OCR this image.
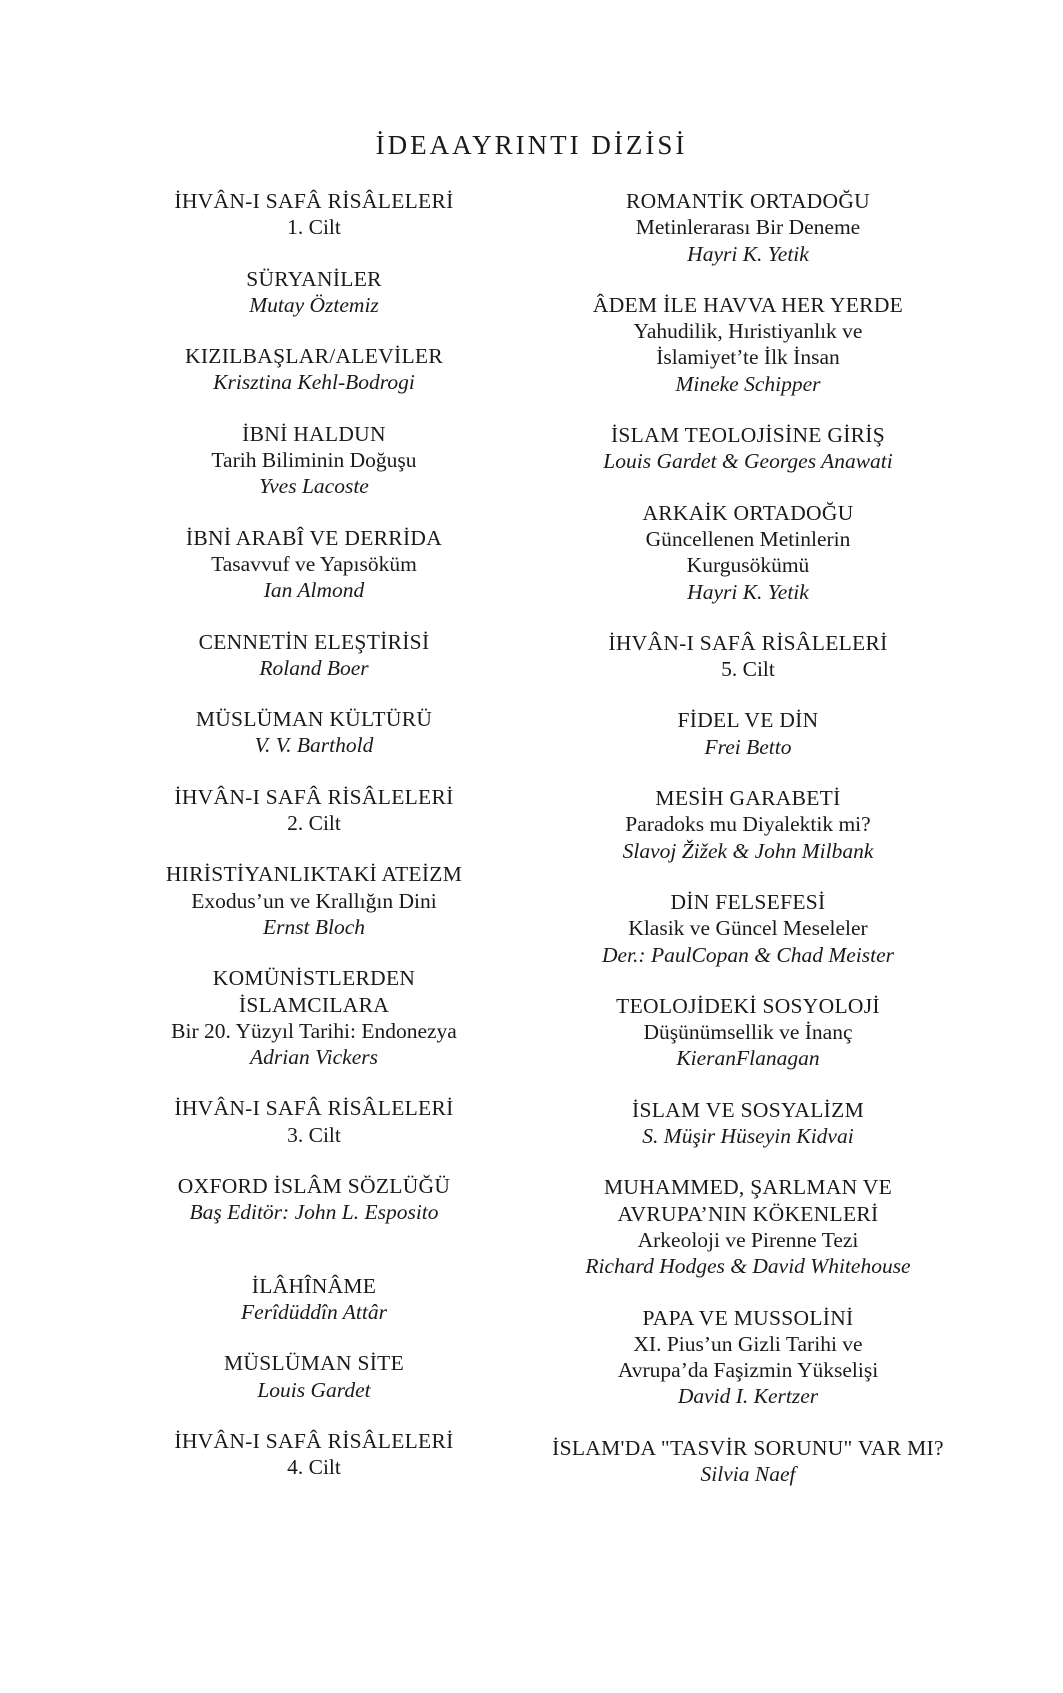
İDEAAYRINTI DİZİSİ
İHVÂN-I SAFÂ RİSÂLELERİ
1. Cilt
SÜRYANİLER
Mutay Öztemiz
KIZILBAŞLAR/ALEVİLER
Krisztina Kehl-Bodrogi
İBNİ HALDUN
Tarih Biliminin Doğuşu
Yves Lacoste
İBNİ ARABÎ VE DERRİDA
Tasavvuf ve Yapısöküm
Ian Almond
CENNETİN ELEŞTİRİSİ
Roland Boer
MÜSLÜMAN KÜLTÜRÜ
V. V. Barthold
İHVÂN-I SAFÂ RİSÂLELERİ
2. Cilt
HIRİSTİYANLIKTAKİ ATEİZM
Exodus’un ve Krallığın Dini
Ernst Bloch
KOMÜNİSTLERDEN
İSLAMCILARA
Bir 20. Yüzyıl Tarihi: Endonezya
Adrian Vickers
İHVÂN-I SAFÂ RİSÂLELERİ
3. Cilt
OXFORD İSLÂM SÖZLÜĞÜ
Baş Editör: John L. Esposito
İLÂHÎNÂME
Ferîdüddîn Attâr
MÜSLÜMAN SİTE
Louis Gardet
İHVÂN-I SAFÂ RİSÂLELERİ
4. Cilt
ROMANTİK ORTADOĞU
Metinlerarası Bir Deneme
Hayri K. Yetik
ÂDEM İLE HAVVA HER YERDE
Yahudilik, Hıristiyanlık ve
İslamiyet’te İlk İnsan
Mineke Schipper
İSLAM TEOLOJİSİNE GİRİŞ
Louis Gardet & Georges Anawati
ARKAİK ORTADOĞU
Güncellenen Metinlerin
Kurgusökümü
Hayri K. Yetik
İHVÂN-I SAFÂ RİSÂLELERİ
5. Cilt
FİDEL VE DİN
Frei Betto
MESİH GARABETİ
Paradoks mu Diyalektik mi?
Slavoj Žižek & John Milbank
DİN FELSEFESİ
Klasik ve Güncel Meseleler
Der.: PaulCopan & Chad Meister
TEOLOJİDEKİ SOSYOLOJİ
Düşünümsellik ve İnanç
KieranFlanagan
İSLAM VE SOSYALİZM
S. Müşir Hüseyin Kidvai
MUHAMMED, ŞARLMAN VE
AVRUPA’NIN KÖKENLERİ
Arkeoloji ve Pirenne Tezi
Richard Hodges & David Whitehouse
PAPA VE MUSSOLİNİ
XI. Pius’un Gizli Tarihi ve
Avrupa’da Faşizmin Yükselişi
David I. Kertzer
İSLAM'DA "TASVİR SORUNU" VAR MI?
Silvia Naef
